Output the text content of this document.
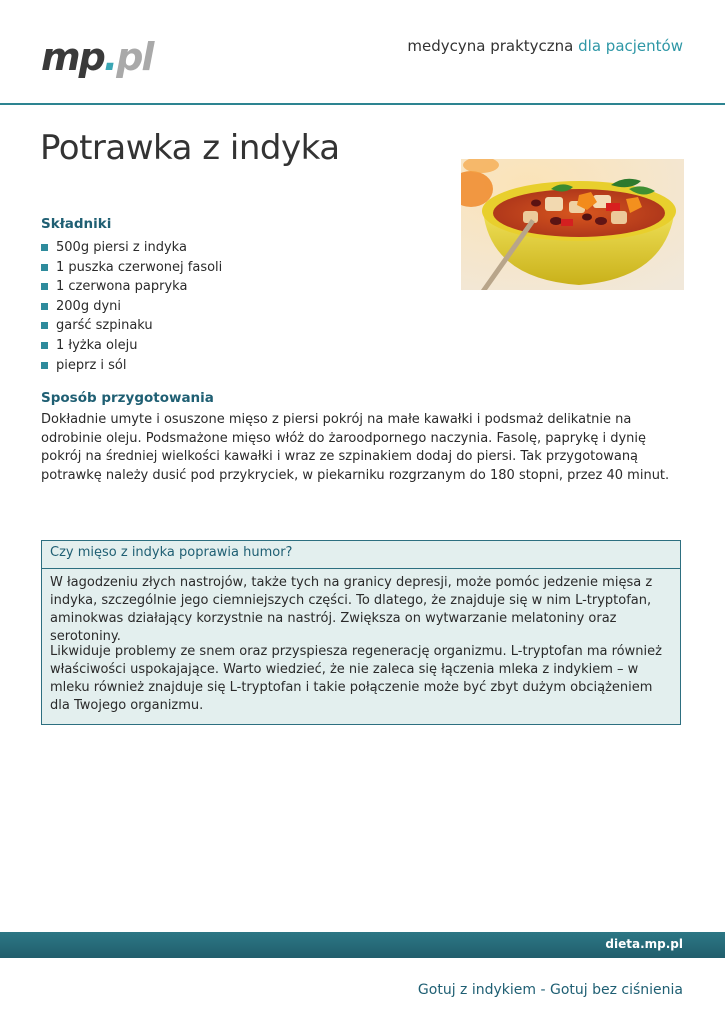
mp.pl	medycyna praktyczna dla pacjentów
Potrawka z indyka
Składniki
500g piersi z indyka
1 puszka czerwonej fasoli
1 czerwona papryka
200g dyni
garść szpinaku
1 łyżka oleju
pieprz i sól
Sposób przygotowania

Dokładnie umyte i osuszone mięso z piersi pokrój na małe kawałki i podsmaż delikatnie na odrobinie oleju. Podsmażone mięso włóż do żaroodpornego naczynia. Fasolę, paprykę i dynię pokrój na średniej wielkości kawałki i wraz ze szpinakiem dodaj do piersi. Tak przygotowaną potrawkę należy dusić pod przykryciek, w piekarniku rozgrzanym do 180 stopni, przez 40 minut.

Czy mięso z indyka poprawia humor?

W łagodzeniu złych nastrojów, także tych na granicy depresji, może pomóc jedzenie mięsa z indyka, szczególnie jego ciemniejszych części. To dlatego, że znajduje się w nim L-tryptofan, aminokwas działający korzystnie na nastrój. Zwiększa on wytwarzanie melatoniny oraz serotoniny.

Likwiduje problemy ze snem oraz przyspiesza regenerację organizmu. L-tryptofan ma również właściwości uspokajające. Warto wiedzieć, że nie zaleca się łączenia mleka z indykiem – w mleku również znajduje się L-tryptofan i takie połączenie może być zbyt dużym obciążeniem dla Twojego organizmu.

dieta.mp.pl
Gotuj z indykiem - Gotuj bez ciśnienia
